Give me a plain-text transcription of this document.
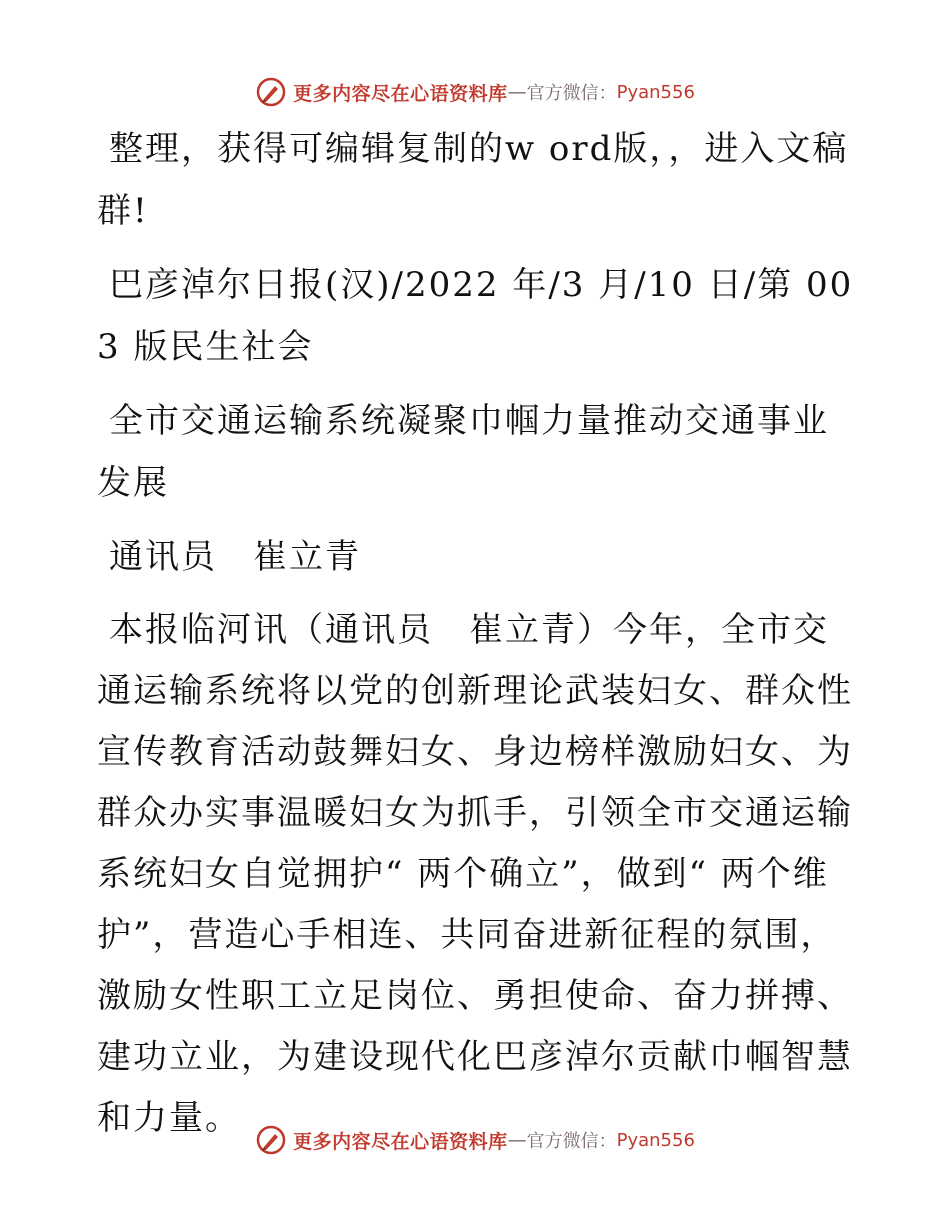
更多内容尽在心语资料库 — 官方微信： Pyan556

整理，获得可编辑复制的w ord版，，进入文稿群!

巴彦淖尔日报(汉)/2022 年/3 月/10 日/第 003 版民生社会

全市交通运输系统凝聚巾帼力量推动交通事业发展

通讯员　崔立青

本报临河讯（通讯员　崔立青）今年，全市交通运输系统将以党的创新理论武装妇女、群众性宣传教育活动鼓舞妇女、身边榜样激励妇女、为群众办实事温暖妇女为抓手，引领全市交通运输系统妇女自觉拥护“ 两个确立”，做到“ 两个维护”，营造心手相连、共同奋进新征程的氛围，激励女性职工立足岗位、勇担使命、奋力拼搏、建功立业，为建设现代化巴彦淖尔贡献巾帼智慧和力量。

更多内容尽在心语资料库 — 官方微信： Pyan556
